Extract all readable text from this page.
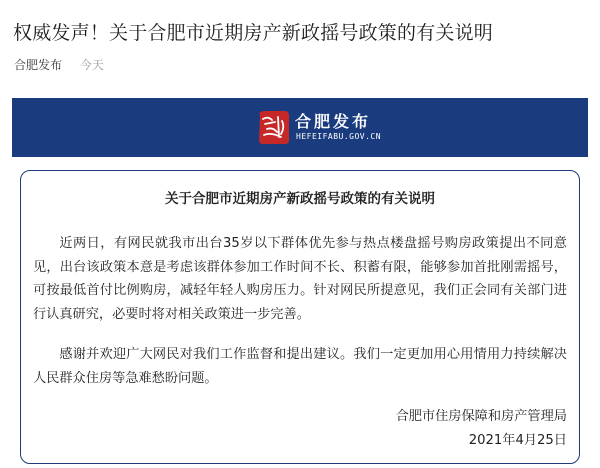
权威发声！关于合肥市近期房产新政摇号政策的有关说明
合肥发布 今天
合肥发布
HEFEIFABU.GOV.CN
关于合肥市近期房产新政摇号政策的有关说明
近两日，有网民就我市出台35岁以下群体优先参与热点楼盘摇号购房政策提出不同意见，出台该政策本意是考虑该群体参加工作时间不长、积蓄有限，能够参加首批刚需摇号，可按最低首付比例购房，减轻年轻人购房压力。针对网民所提意见，我们正会同有关部门进行认真研究，必要时将对相关政策进一步完善。
感谢并欢迎广大网民对我们工作监督和提出建议。我们一定更加用心用情用力持续解决人民群众住房等急难愁盼问题。
合肥市住房保障和房产管理局
2021年4月25日
